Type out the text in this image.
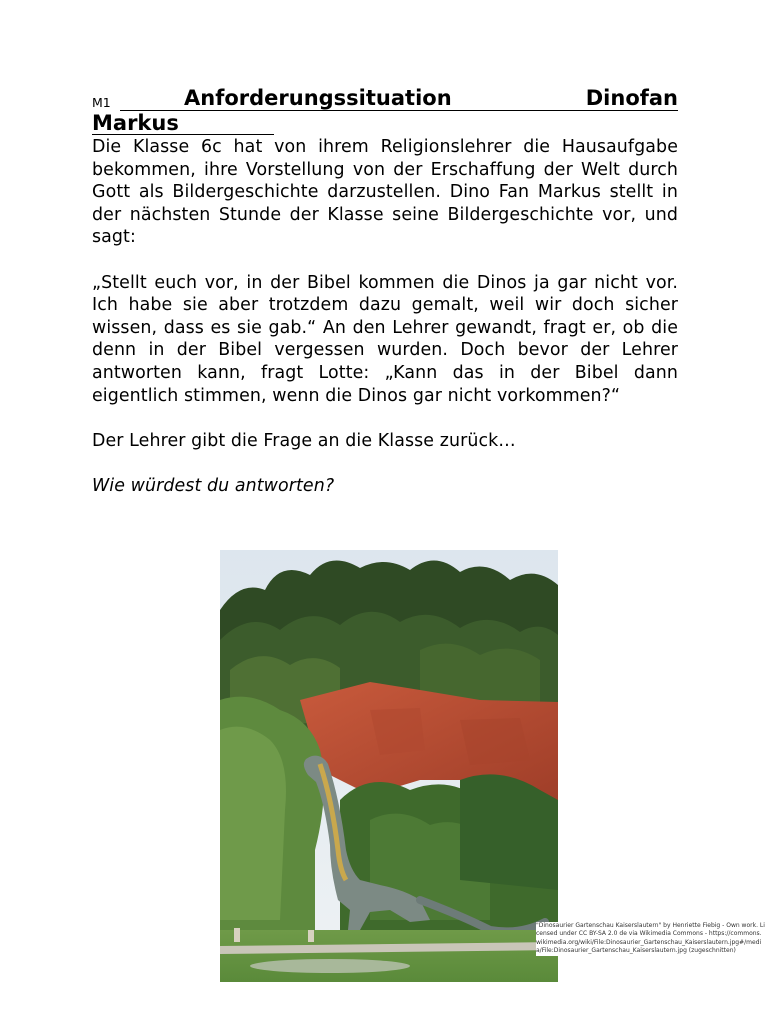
M1	Anforderungssituation	Dinofan
Markus

Die Klasse 6c hat von ihrem Religionslehrer die Hausaufgabe bekommen, ihre Vorstellung von der Erschaffung der Welt durch Gott als Bildergeschichte darzustellen. Dino Fan Markus stellt in der nächsten Stunde der Klasse seine Bildergeschichte vor, und sagt:

„Stellt euch vor, in der Bibel kommen die Dinos ja gar nicht vor. Ich habe sie aber trotzdem dazu gemalt, weil wir doch sicher wissen, dass es sie gab.“ An den Lehrer gewandt, fragt er, ob die denn in der Bibel vergessen wurden. Doch bevor der Lehrer antworten kann, fragt Lotte: „Kann das in der Bibel dann eigentlich stimmen, wenn die Dinos gar nicht vorkommen?“

Der Lehrer gibt die Frage an die Klasse zurück…

Wie würdest du antworten?

"Dinosaurier Gartenschau Kaiserslautern" by Henriette Fiebig - Own work. Licensed under CC BY-SA 2.0 de via Wikimedia Commons - https://commons.wikimedia.org/wiki/File:Dinosaurier_Gartenschau_Kaiserslautern.jpg#/media/File:Dinosaurier_Gartenschau_Kaiserslautern.jpg (zugeschnitten)
